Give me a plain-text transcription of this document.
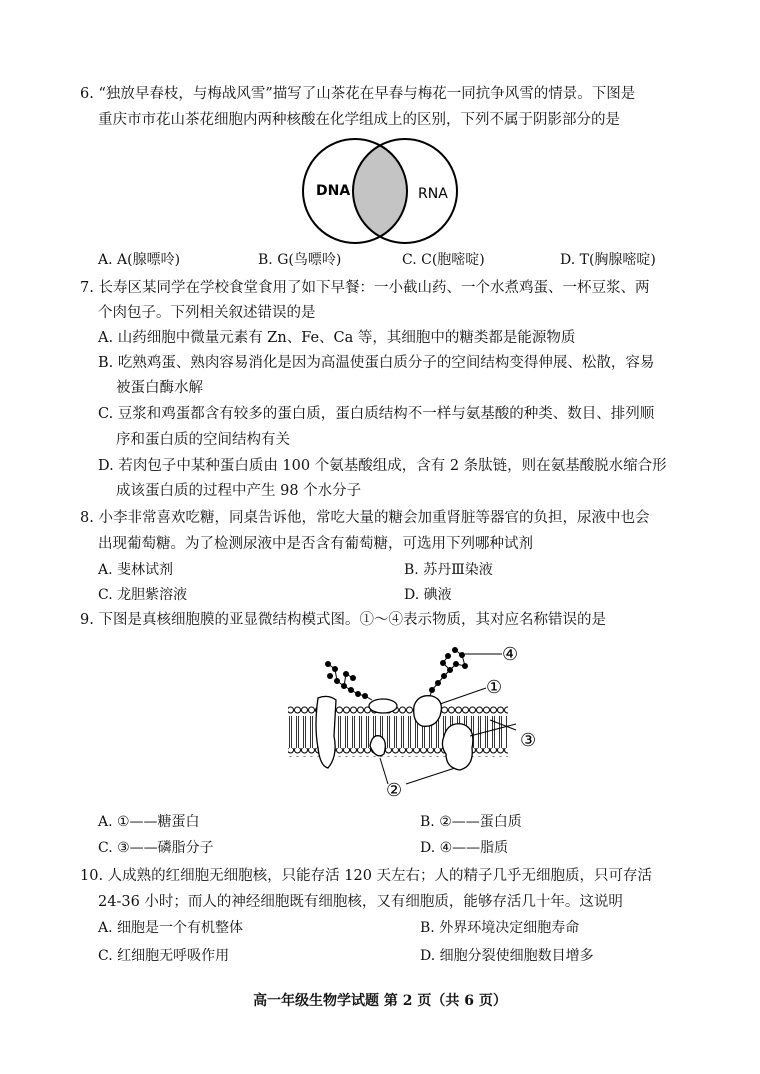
6. “独放早春枝，与梅战风雪”描写了山茶花在早春与梅花一同抗争风雪的情景。下图是
重庆市市花山茶花细胞内两种核酸在化学组成上的区别，下列不属于阴影部分的是
DNA	RNA
A. A(腺嘌呤)	B. G(鸟嘌呤)	C. C(胞嘧啶)	D. T(胸腺嘧啶)
7. 长寿区某同学在学校食堂食用了如下早餐：一小截山药、一个水煮鸡蛋、一杯豆浆、两
个肉包子。下列相关叙述错误的是
A. 山药细胞中微量元素有 Zn、Fe、Ca 等，其细胞中的糖类都是能源物质
B. 吃熟鸡蛋、熟肉容易消化是因为高温使蛋白质分子的空间结构变得伸展、松散，容易
被蛋白酶水解
C. 豆浆和鸡蛋都含有较多的蛋白质，蛋白质结构不一样与氨基酸的种类、数目、排列顺
序和蛋白质的空间结构有关
D. 若肉包子中某种蛋白质由 100 个氨基酸组成，含有 2 条肽链，则在氨基酸脱水缩合形
成该蛋白质的过程中产生 98 个水分子
8. 小李非常喜欢吃糖，同桌告诉他，常吃大量的糖会加重肾脏等器官的负担，尿液中也会
出现葡萄糖。为了检测尿液中是否含有葡萄糖，可选用下列哪种试剂
A. 斐林试剂	B. 苏丹Ⅲ染液
C. 龙胆紫溶液	D. 碘液
9. 下图是真核细胞膜的亚显微结构模式图。①～④表示物质，其对应名称错误的是
④
①
③
②
A. ①——糖蛋白	B. ②——蛋白质
C. ③——磷脂分子	D. ④——脂质
10. 人成熟的红细胞无细胞核，只能存活 120 天左右；人的精子几乎无细胞质，只可存活
24-36 小时；而人的神经细胞既有细胞核，又有细胞质，能够存活几十年。这说明
A. 细胞是一个有机整体	B. 外界环境决定细胞寿命
C. 红细胞无呼吸作用	D. 细胞分裂使细胞数目增多
高一年级生物学试题 第 2 页（共 6 页）
